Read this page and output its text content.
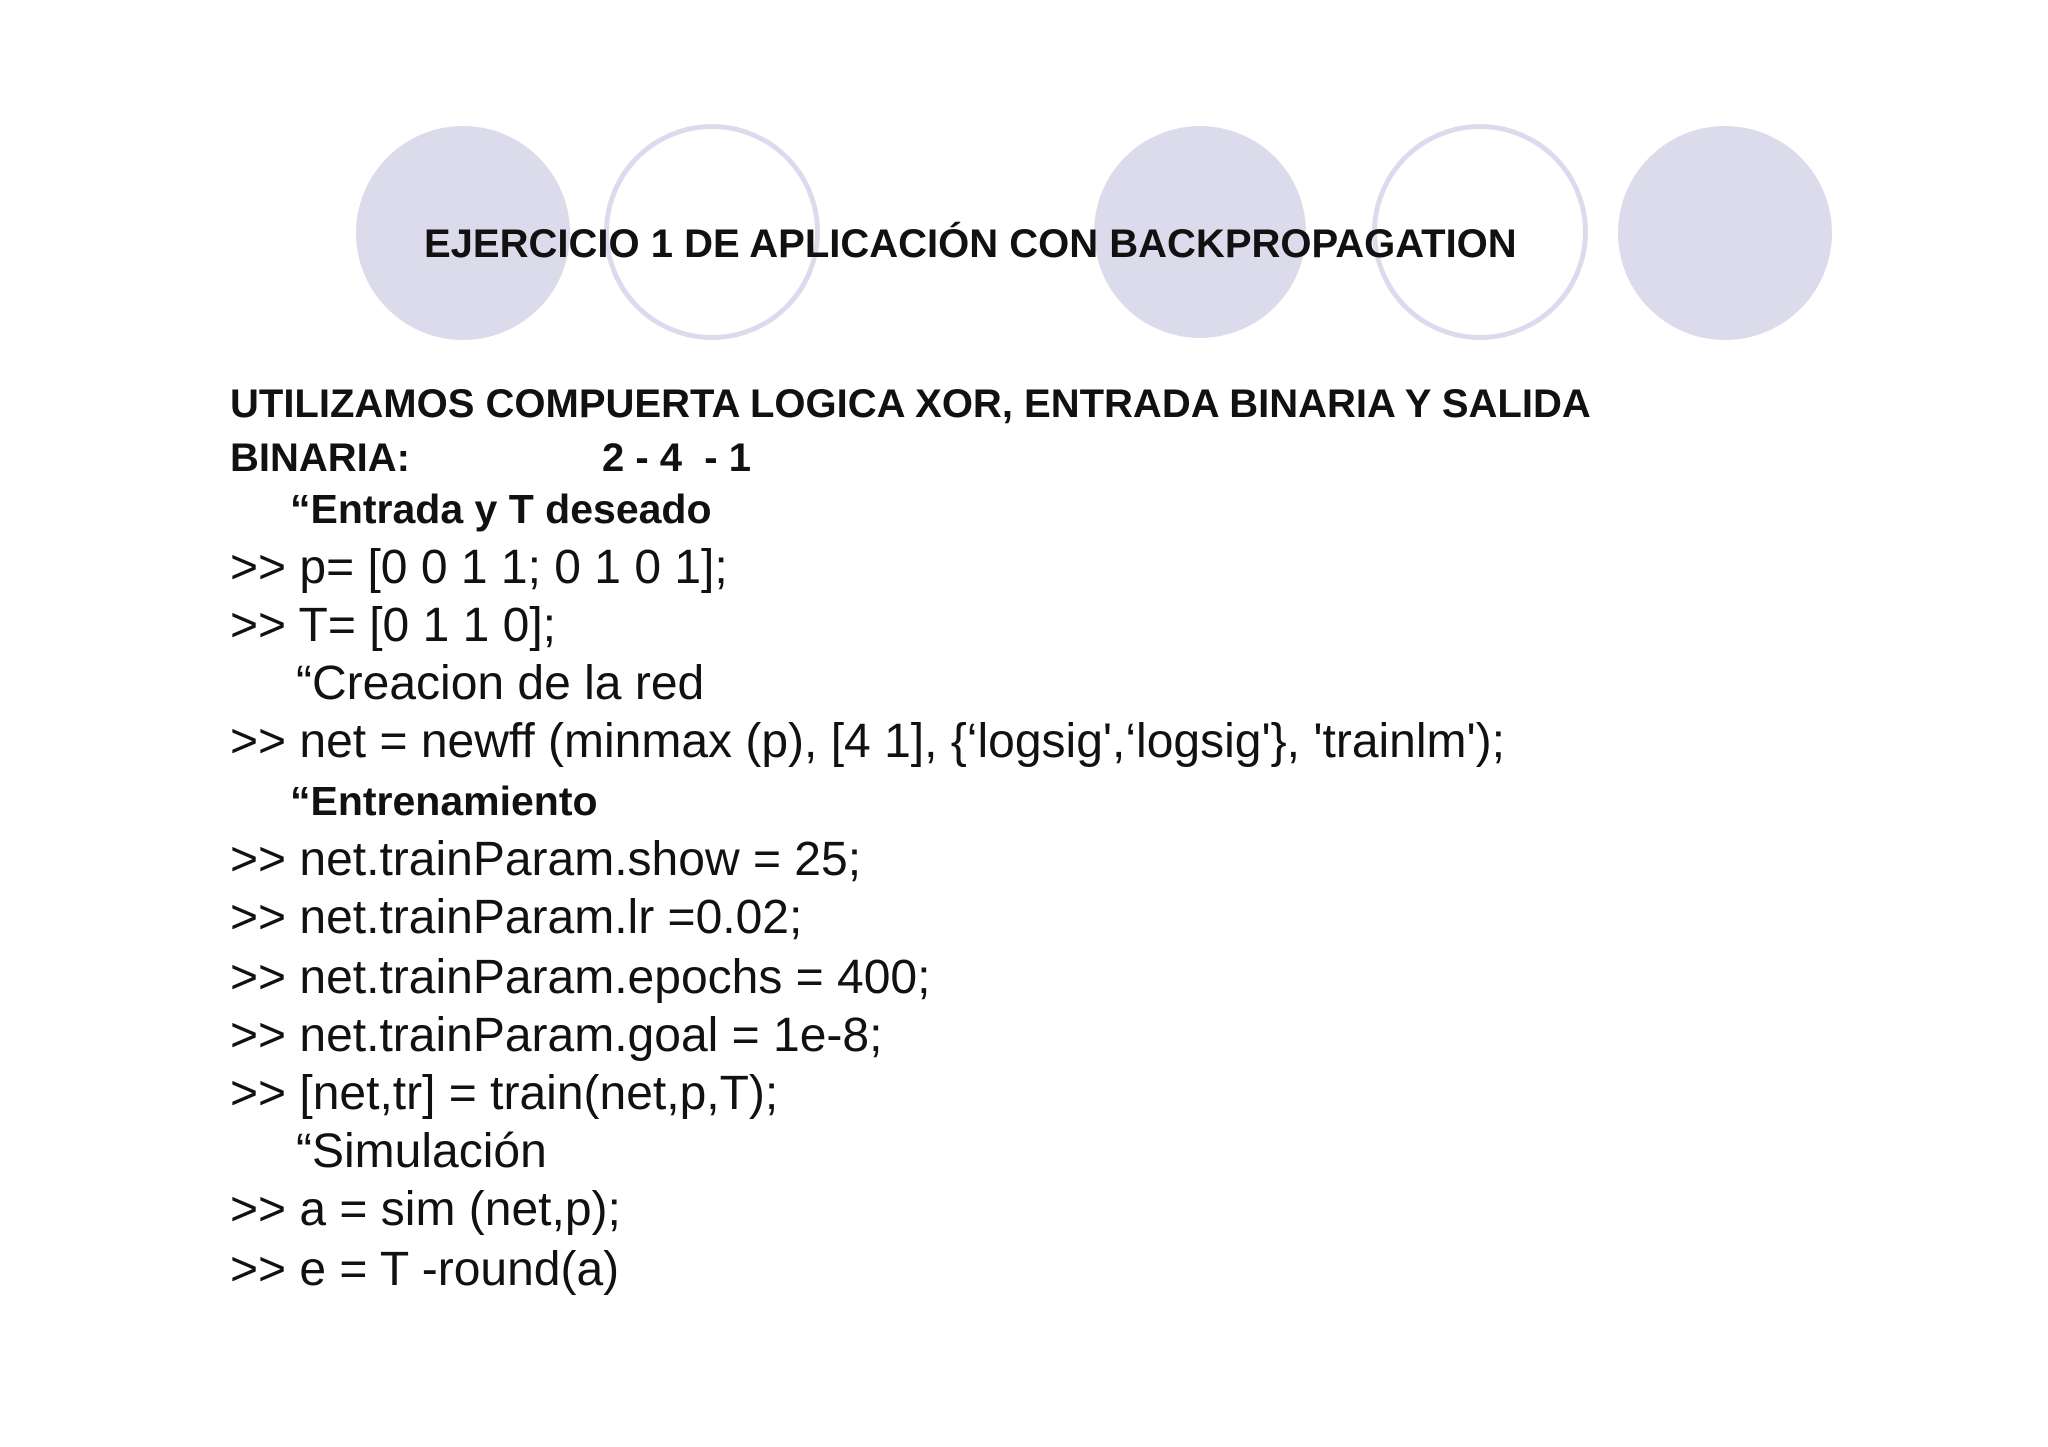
EJERCICIO 1 DE APLICACIÓN CON BACKPROPAGATION
UTILIZAMOS COMPUERTA LOGICA XOR, ENTRADA BINARIA Y SALIDA
BINARIA:	2 - 4  - 1
“Entrada y T deseado
>> p= [0 0 1 1; 0 1 0 1];
>> T= [0 1 1 0];
“Creacion de la red
>> net = newff (minmax (p), [4 1], {‘logsig',‘logsig'}, 'trainlm');
“Entrenamiento
>> net.trainParam.show = 25;
>> net.trainParam.lr =0.02;
>> net.trainParam.epochs = 400;
>> net.trainParam.goal = 1e-8;
>> [net,tr] = train(net,p,T);
“Simulación
>> a = sim (net,p);
>> e = T -round(a)
